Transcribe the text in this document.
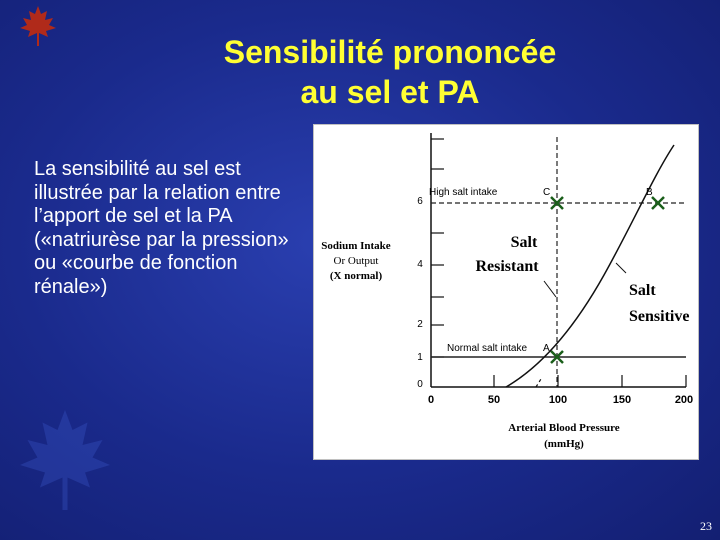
Sensibilité prononcée
au sel et PA
La sensibilité au sel est illustrée par la relation entre l’apport de sel et la PA («natriurèse par la pression» ou «courbe de fonction rénale»)
6
4
2
1
0
0	50	100	150	200
Arterial Blood Pressure
(mmHg)
Sodium Intake
Or Output
(X normal)
High salt intake
Normal salt intake A
C	B
Salt
Resistant
Salt
Sensitive
23
